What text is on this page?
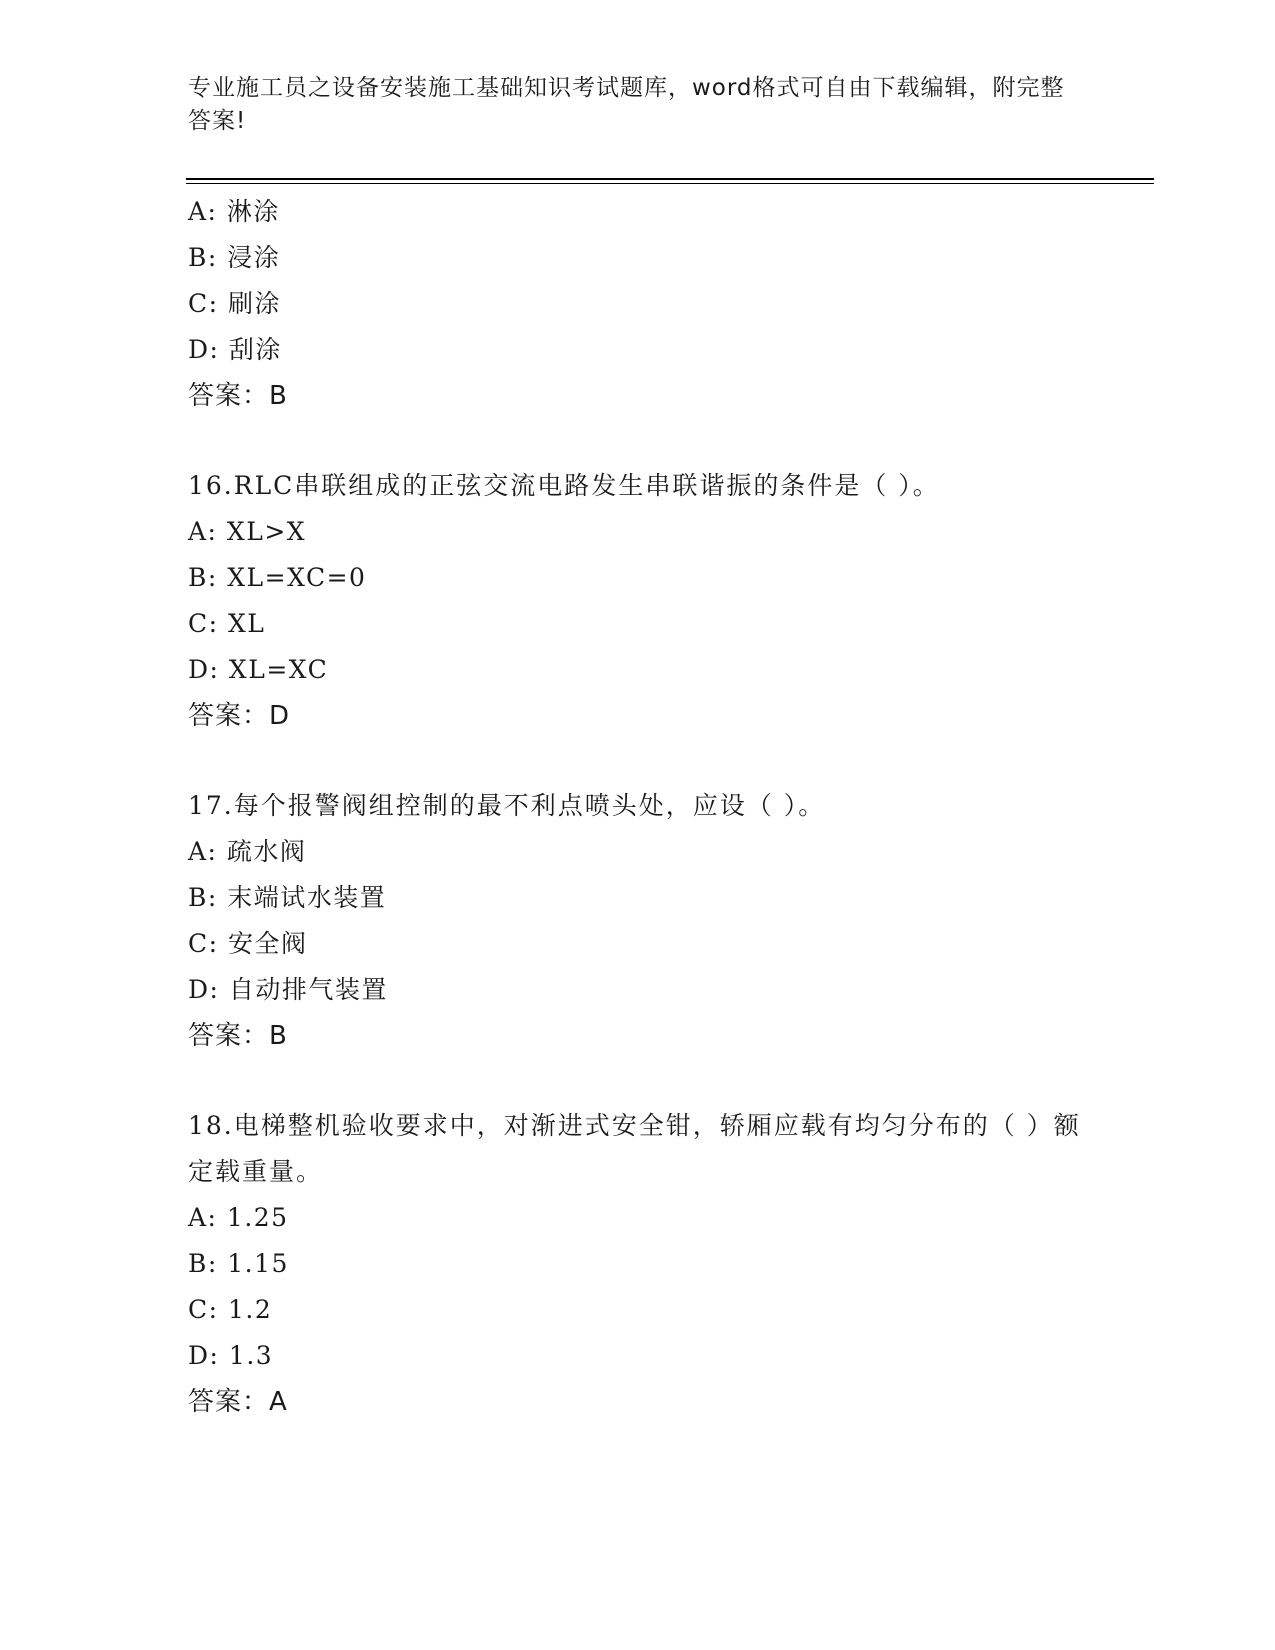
专业施工员之设备安装施工基础知识考试题库，word格式可自由下载编辑，附完整答案!
A: 淋涂
B: 浸涂
C: 刷涂
D: 刮涂
答案：B
16.RLC串联组成的正弦交流电路发生串联谐振的条件是（ ）。
A: XL>X
B: XL=XC=0
C: XL
D: XL=XC
答案：D
17.每个报警阀组控制的最不利点喷头处，应设（ ）。
A: 疏水阀
B: 末端试水装置
C: 安全阀
D: 自动排气装置
答案：B
18.电梯整机验收要求中，对渐进式安全钳，轿厢应载有均匀分布的（ ）额定载重量。
A: 1.25
B: 1.15
C: 1.2
D: 1.3
答案：A
